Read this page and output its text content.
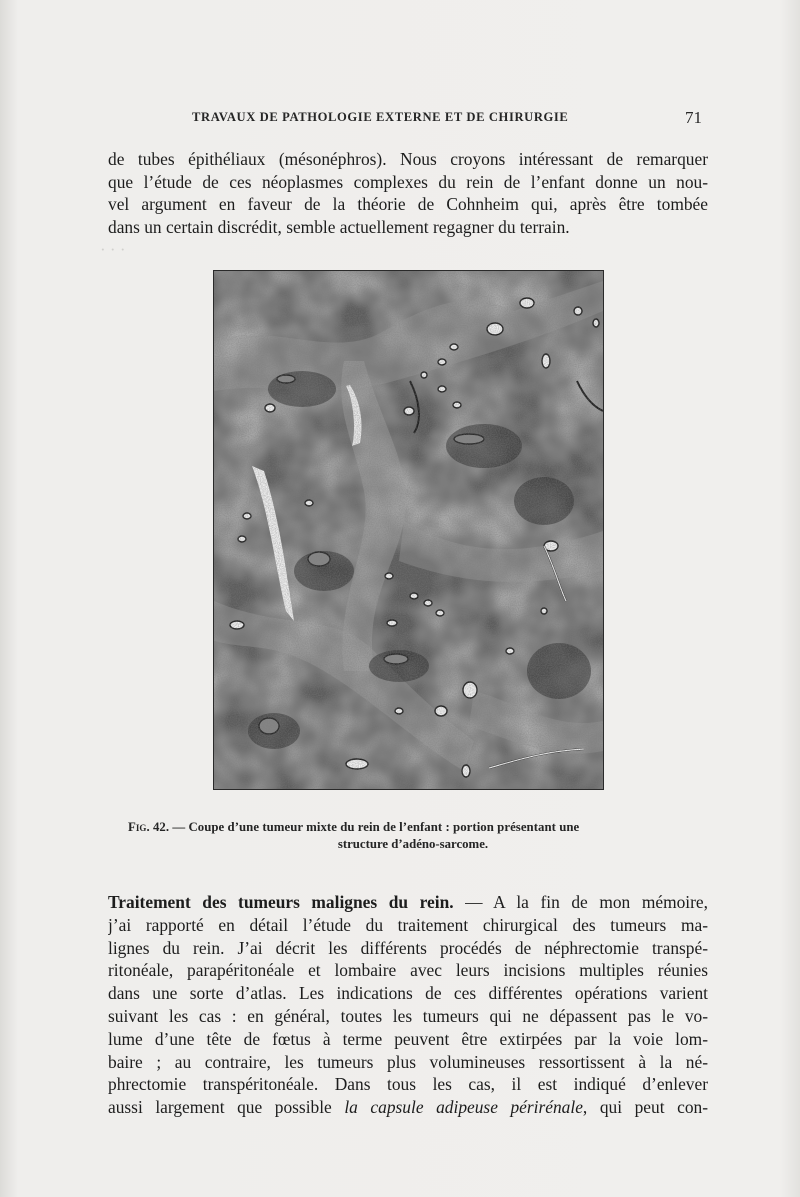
TRAVAUX DE PATHOLOGIE EXTERNE ET DE CHIRURGIE	71
de tubes épithéliaux (mésonéphros). Nous croyons intéressant de remarquer
que l’étude de ces néoplasmes complexes du rein de l’enfant donne un nou-
vel argument en faveur de la théorie de Cohnheim qui, après être tombée
dans un certain discrédit, semble actuellement regagner du terrain.
· · ·
Fig. 42. — Coupe d’une tumeur mixte du rein de l’enfant : portion présentant une
structure d’adéno-sarcome.
Traitement des tumeurs malignes du rein. — A la fin de mon mémoire,
j’ai rapporté en détail l’étude du traitement chirurgical des tumeurs ma-
lignes du rein. J’ai décrit les différents procédés de néphrectomie transpé-
ritonéale, parapéritonéale et lombaire avec leurs incisions multiples réunies
dans une sorte d’atlas. Les indications de ces différentes opérations varient
suivant les cas : en général, toutes les tumeurs qui ne dépassent pas le vo-
lume d’une tête de fœtus à terme peuvent être extirpées par la voie lom-
baire ; au contraire, les tumeurs plus volumineuses ressortissent à la né-
phrectomie transpéritonéale. Dans tous les cas, il est indiqué d’enlever
aussi largement que possible la capsule adipeuse périrénale, qui peut con-
